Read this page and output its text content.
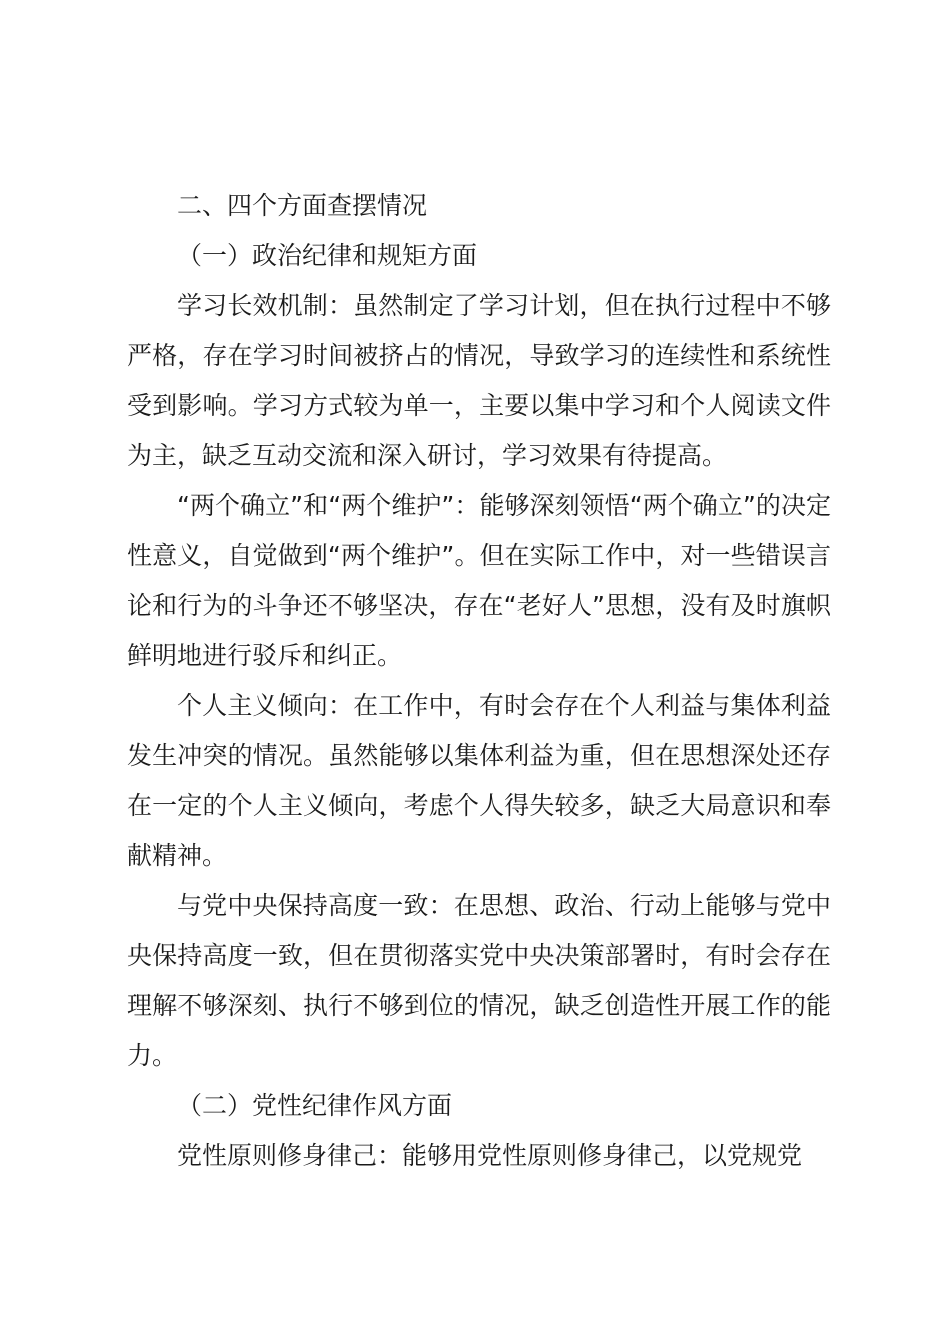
二、四个方面查摆情况

（一）政治纪律和规矩方面

学习长效机制：虽然制定了学习计划，但在执行过程中不够严格，存在学习时间被挤占的情况，导致学习的连续性和系统性受到影响。学习方式较为单一，主要以集中学习和个人阅读文件为主，缺乏互动交流和深入研讨，学习效果有待提高。

“两个确立”和“两个维护”：能够深刻领悟“两个确立”的决定性意义，自觉做到“两个维护”。但在实际工作中，对一些错误言论和行为的斗争还不够坚决，存在“老好人”思想，没有及时旗帜鲜明地进行驳斥和纠正。

个人主义倾向：在工作中，有时会存在个人利益与集体利益发生冲突的情况。虽然能够以集体利益为重，但在思想深处还存在一定的个人主义倾向，考虑个人得失较多，缺乏大局意识和奉献精神。

与党中央保持高度一致：在思想、政治、行动上能够与党中央保持高度一致，但在贯彻落实党中央决策部署时，有时会存在理解不够深刻、执行不够到位的情况，缺乏创造性开展工作的能力。

（二）党性纪律作风方面

党性原则修身律己：能够用党性原则修身律己，以党规党
